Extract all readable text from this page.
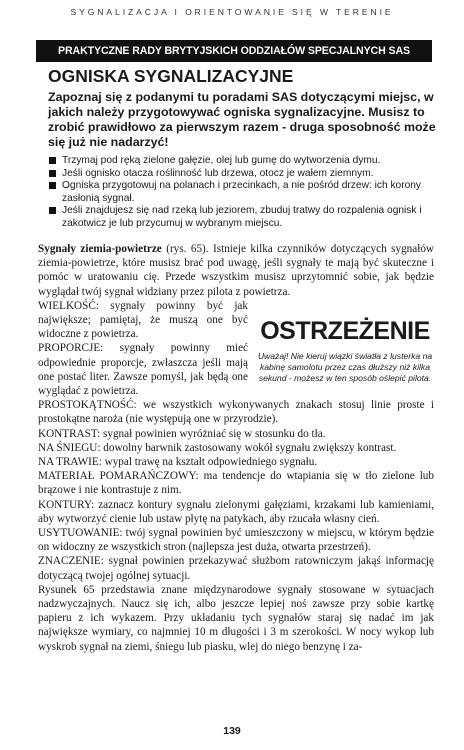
SYGNALIZACJA I ORIENTOWANIE SIĘ W TERENIE
PRAKTYCZNE RADY BRYTYJSKICH ODDZIAŁÓW SPECJALNYCH SAS
OGNISKA SYGNALIZACYJNE

Zapoznaj się z podanymi tu poradami SAS dotyczącymi miejsc, w jakich należy przygotowywać ogniska sygnalizacyjne. Musisz to zrobić prawidłowo za pierwszym razem - druga sposobność może się już nie nadarzyć!

Trzymaj pod ręką zielone gałęzie, olej lub gumę do wytworzenia dymu.
Jeśli ognisko otacza roślinność lub drzewa, otocz je wałem ziemnym.
Ogniska przygotowuj na polanach i przecinkach, a nie pośród drzew: ich korony zasłonią sygnał.
Jeśli znajdujesz się nad rzeką lub jeziorem, zbuduj tratwy do rozpalenia ognisk i zakotwicz je lub przycumuj w wybranym miejscu.

Sygnały ziemia-powietrze (rys. 65). Istnieje kilka czynników dotyczących sygnałów ziemia-powietrze, które musisz brać pod uwagę, jeśli sygnały te mają być skuteczne i pomóc w uratowaniu cię. Przede wszystkim musisz uprzytomnić sobie, jak będzie wyglądał twój sygnał widziany przez pilota z powietrza.

OSTRZEŻENIE
Uważaj! Nie kieruj wiązki światła z lusterka na kabinę samolotu przez czas dłuższy niż kilka sekund - możesz w ten sposób oślepić pilota.

WIELKOŚĆ: sygnały powinny być jak największe; pamiętaj, że muszą one być widoczne z powietrza.

PROPORCJE: sygnały powinny mieć odpowiednie proporcje, zwłaszcza jeśli mają one postać liter. Zawsze pomyśl, jak będą one wyglądać z powietrza.

PROSTOKĄTNOŚĆ: we wszystkich wykonywanych znakach stosuj linie proste i prostokątne naroża (nie występują one w przyrodzie).

KONTRAST: sygnał powinien wyróżniać się w stosunku do tła.

NA ŚNIEGU: dowolny barwnik zastosowany wokół sygnału zwiększy kontrast.

NA TRAWIE: wypal trawę na kształt odpowiedniego sygnału.

MATERIAŁ POMARAŃCZOWY: ma tendencje do wtapiania się w tło zielone lub brązowe i nie kontrastuje z nim.

KONTURY: zaznacz kontury sygnału zielonymi gałęziami, krzakami lub kamieniami, aby wytworzyć cienie lub ustaw płytę na patykach, aby rzucała własny cień.

USYTUOWANIE: twój sygnał powinien być umieszczony w miejscu, w którym będzie on widoczny ze wszystkich stron (najlepsza jest duża, otwarta przestrzeń).

ZNACZENIE: sygnał powinien przekazywać służbom ratowniczym jakąś informację dotyczącą twojej ogólnej sytuacji.

Rysunek 65 przedstawia znane międzynarodowe sygnały stosowane w sytuacjach nadzwyczajnych. Naucz się ich, albo jeszcze lepiej noś zawsze przy sobie kartkę papieru z ich wykazem. Przy układaniu tych sygnałów staraj się nadać im jak największe wymiary, co najmniej 10 m długości i 3 m szerokości. W nocy wykop lub wyskrob sygnał na ziemi, śniegu lub piasku, wlej do niego benzynę i za-

139
